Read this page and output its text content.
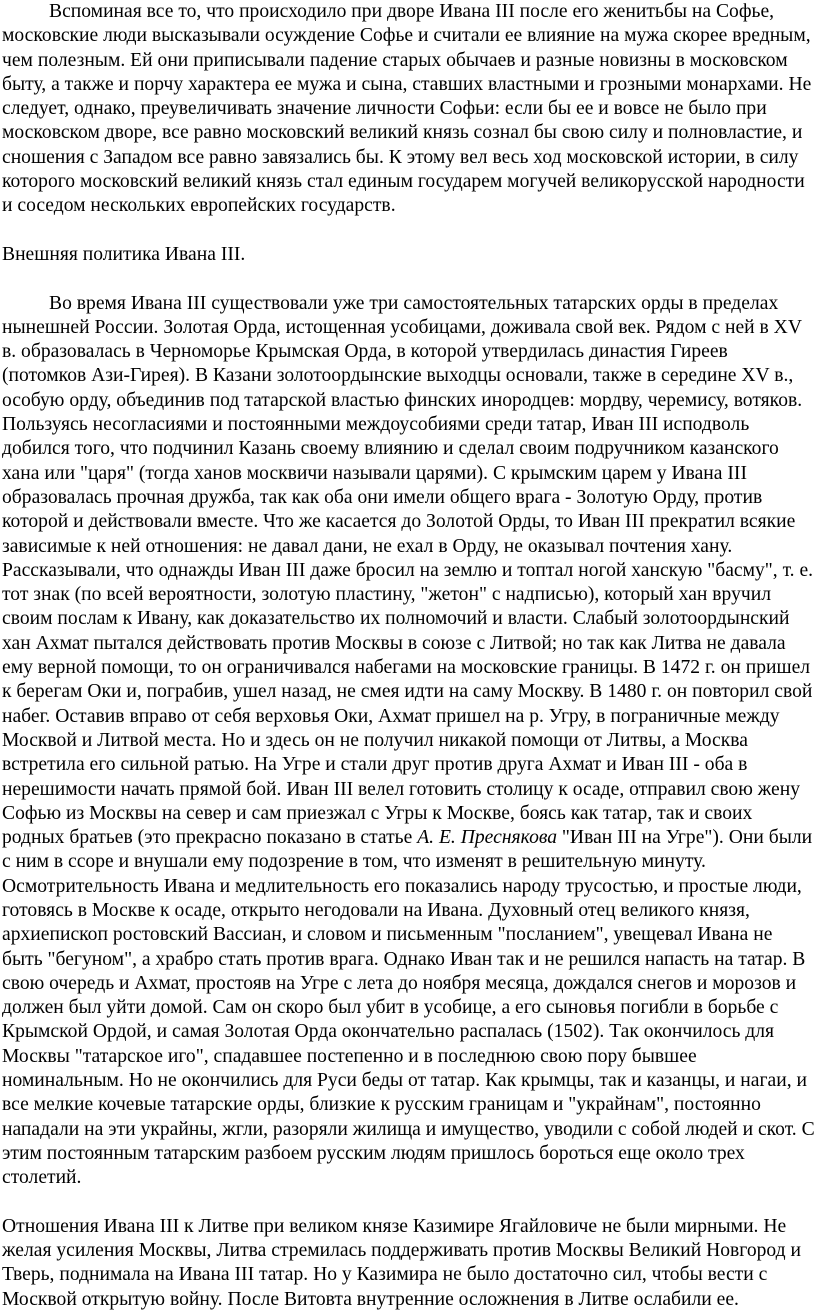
Вспоминая все то, что происходило при дворе Ивана III после его женитьбы на Софье, московские люди высказывали осуждение Софье и считали ее влияние на мужа скорее вредным, чем полезным. Ей они приписывали падение старых обычаев и разные новизны в московском быту, а также и порчу характера ее мужа и сына, ставших властными и грозными монархами. Не следует, однако, преувеличивать значение личности Софьи: если бы ее и вовсе не было при московском дворе, все равно московский великий князь сознал бы свою силу и полновластие, и сношения с Западом все равно завязались бы. К этому вел весь ход московской истории, в силу которого московский великий князь стал единым государем могучей великорусской народности и соседом нескольких европейских государств.

Внешняя политика Ивана III.

Во время Ивана III существовали уже три самостоятельных татарских орды в пределах нынешней России. Золотая Орда, истощенная усобицами, доживала свой век. Рядом с ней в XV в. образовалась в Черноморье Крымская Орда, в которой утвердилась династия Гиреев (потомков Ази-Гирея). В Казани золотоордынские выходцы основали, также в середине XV в., особую орду, объединив под татарской властью финских инородцев: мордву, черемису, вотяков. Пользуясь несогласиями и постоянными междоусобиями среди татар, Иван III исподволь добился того, что подчинил Казань своему влиянию и сделал своим подручником казанского хана или "царя" (тогда ханов москвичи называли царями). С крымским царем у Ивана III образовалась прочная дружба, так как оба они имели общего врага - Золотую Орду, против которой и действовали вместе. Что же касается до Золотой Орды, то Иван III прекратил всякие зависимые к ней отношения: не давал дани, не ехал в Орду, не оказывал почтения хану. Рассказывали, что однажды Иван III даже бросил на землю и топтал ногой ханскую "басму", т. е. тот знак (по всей вероятности, золотую пластину, "жетон" с надписью), который хан вручил своим послам к Ивану, как доказательство их полномочий и власти. Слабый золотоордынский хан Ахмат пытался действовать против Москвы в союзе с Литвой; но так как Литва не давала ему верной помощи, то он ограничивался набегами на московские границы. В 1472 г. он пришел к берегам Оки и, пограбив, ушел назад, не смея идти на саму Москву. В 1480 г. он повторил свой набег. Оставив вправо от себя верховья Оки, Ахмат пришел на р. Угру, в пограничные между Москвой и Литвой места. Но и здесь он не получил никакой помощи от Литвы, а Москва встретила его сильной ратью. На Угре и стали друг против друга Ахмат и Иван III - оба в нерешимости начать прямой бой. Иван III велел готовить столицу к осаде, отправил свою жену Софью из Москвы на север и сам приезжал с Угры к Москве, боясь как татар, так и своих родных братьев (это прекрасно показано в статье А. Е. Преснякова "Иван III на Угре"). Они были с ним в ссоре и внушали ему подозрение в том, что изменят в решительную минуту. Осмотрительность Ивана и медлительность его показались народу трусостью, и простые люди, готовясь в Москве к осаде, открыто негодовали на Ивана. Духовный отец великого князя, архиепископ ростовский Вассиан, и словом и письменным "посланием", увещевал Ивана не быть "бегуном", а храбро стать против врага. Однако Иван так и не решился напасть на татар. В свою очередь и Ахмат, простояв на Угре с лета до ноября месяца, дождался снегов и морозов и должен был уйти домой. Сам он скоро был убит в усобице, а его сыновья погибли в борьбе с Крымской Ордой, и самая Золотая Орда окончательно распалась (1502). Так окончилось для Москвы "татарское иго", спадавшее постепенно и в последнюю свою пору бывшее номинальным. Но не окончились для Руси беды от татар. Как крымцы, так и казанцы, и нагаи, и все мелкие кочевые татарские орды, близкие к русским границам и "украйнам", постоянно нападали на эти украйны, жгли, разоряли жилища и имущество, уводили с собой людей и скот. С этим постоянным татарским разбоем русским людям пришлось бороться еще около трех столетий.

Отношения Ивана III к Литве при великом князе Казимире Ягайловиче не были мирными. Не желая усиления Москвы, Литва стремилась поддерживать против Москвы Великий Новгород и Тверь, поднимала на Ивана III татар. Но у Казимира не было достаточно сил, чтобы вести с Москвой открытую войну. После Витовта внутренние осложнения в Литве ослабили ее.
